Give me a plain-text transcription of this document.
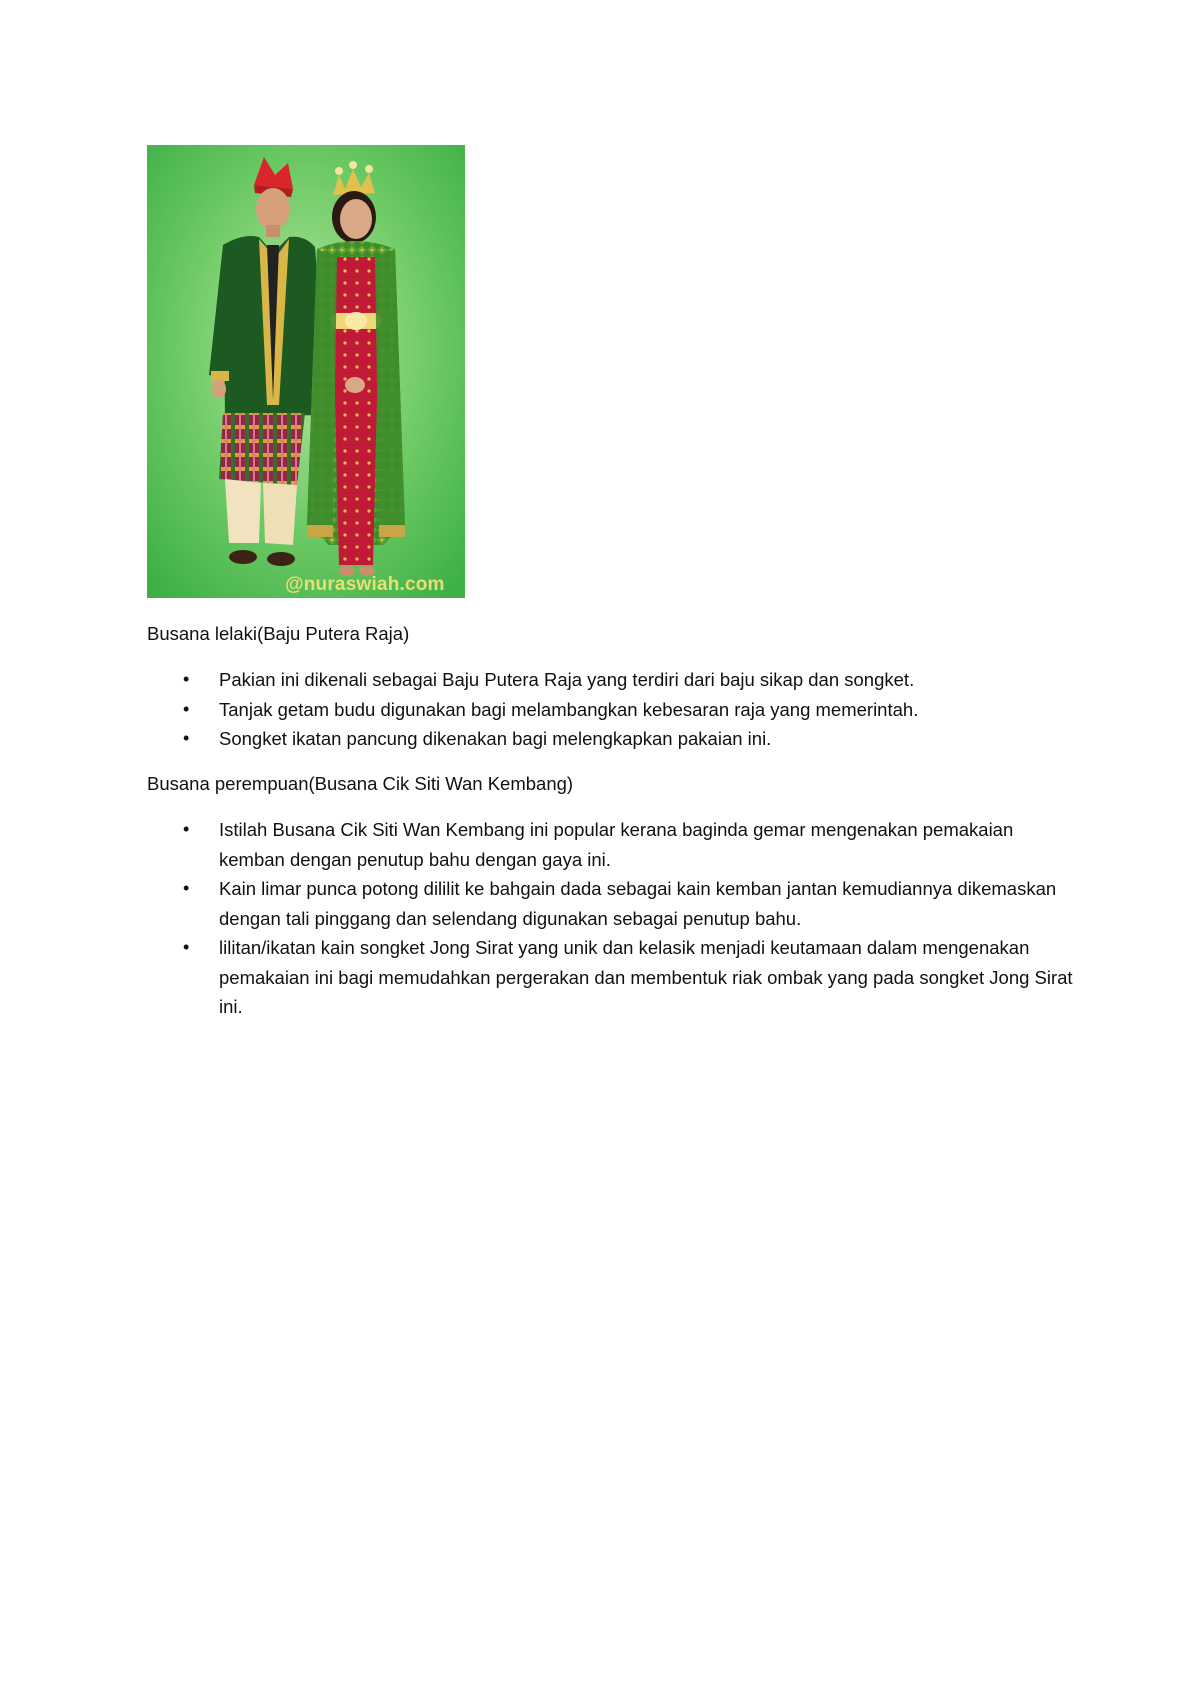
@nuraswiah.com
Busana lelaki(Baju Putera Raja)
• Pakian ini dikenali sebagai Baju Putera Raja yang terdiri dari baju sikap dan songket.
• Tanjak getam budu digunakan bagi melambangkan kebesaran raja yang memerintah.
• Songket ikatan pancung dikenakan bagi melengkapkan pakaian ini.
Busana perempuan(Busana Cik Siti Wan Kembang)
• Istilah Busana Cik Siti Wan Kembang ini popular kerana baginda gemar mengenakan pemakaian kemban dengan penutup bahu dengan gaya ini.
• Kain limar punca potong dililit ke bahgain dada sebagai kain kemban jantan kemudiannya dikemaskan dengan tali pinggang dan selendang digunakan sebagai penutup bahu.
• lilitan/ikatan kain songket Jong Sirat yang unik dan kelasik menjadi keutamaan dalam mengenakan pemakaian ini bagi memudahkan pergerakan dan membentuk riak ombak yang pada songket Jong Sirat ini.
